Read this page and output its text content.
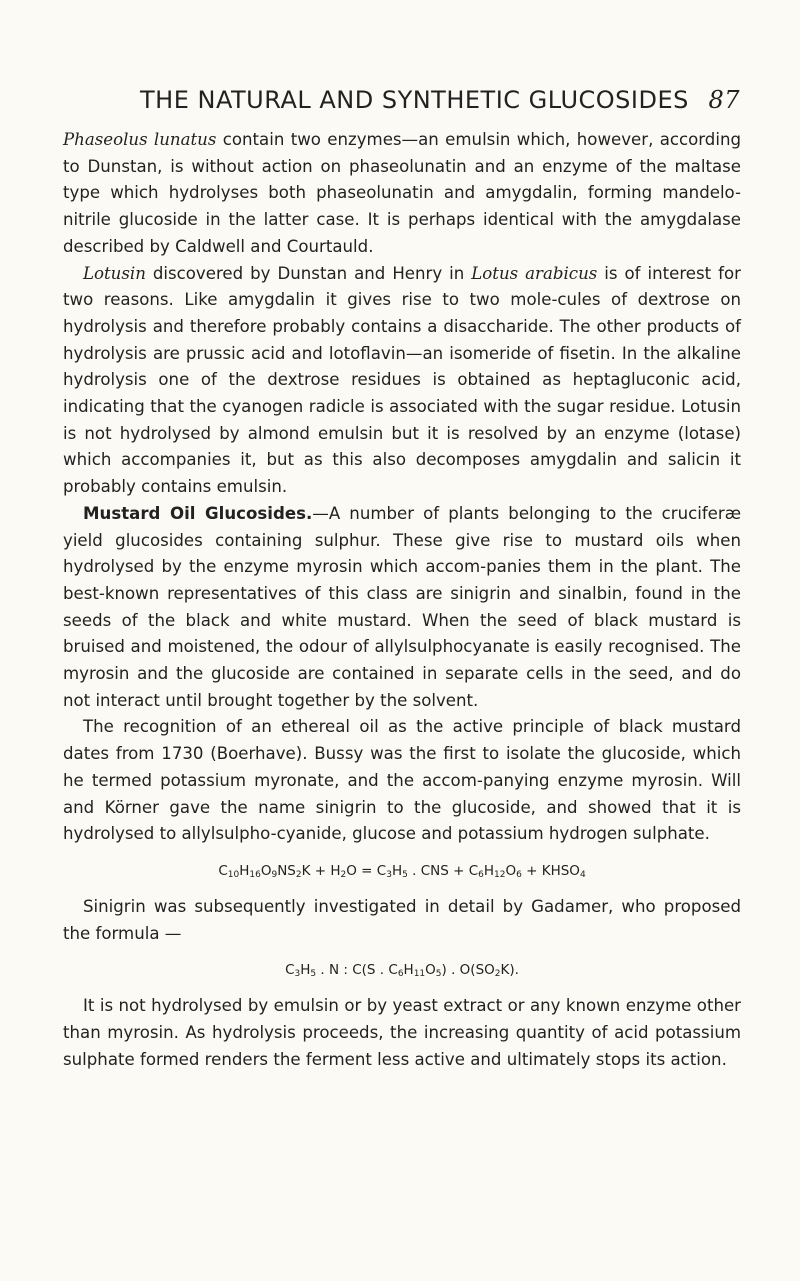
THE NATURAL AND SYNTHETIC GLUCOSIDES 87

Phaseolus lunatus contain two enzymes—an emulsin which, however, according to Dunstan, is without action on phaseolunatin and an enzyme of the maltase type which hydrolyses both phaseolunatin and amygdalin, forming mandelo-nitrile glucoside in the latter case. It is perhaps identical with the amygdalase described by Caldwell and Courtauld.

Lotusin discovered by Dunstan and Henry in Lotus arabicus is of interest for two reasons. Like amygdalin it gives rise to two mole-cules of dextrose on hydrolysis and therefore probably contains a disaccharide. The other products of hydrolysis are prussic acid and lotoflavin—an isomeride of fisetin. In the alkaline hydrolysis one of the dextrose residues is obtained as heptagluconic acid, indicating that the cyanogen radicle is associated with the sugar residue. Lotusin is not hydrolysed by almond emulsin but it is resolved by an enzyme (lotase) which accompanies it, but as this also decomposes amygdalin and salicin it probably contains emulsin.

Mustard Oil Glucosides.—A number of plants belonging to the cruciferæ yield glucosides containing sulphur. These give rise to mustard oils when hydrolysed by the enzyme myrosin which accom-panies them in the plant. The best-known representatives of this class are sinigrin and sinalbin, found in the seeds of the black and white mustard. When the seed of black mustard is bruised and moistened, the odour of allylsulphocyanate is easily recognised. The myrosin and the glucoside are contained in separate cells in the seed, and do not interact until brought together by the solvent.

The recognition of an ethereal oil as the active principle of black mustard dates from 1730 (Boerhave). Bussy was the first to isolate the glucoside, which he termed potassium myronate, and the accom-panying enzyme myrosin. Will and Körner gave the name sinigrin to the glucoside, and showed that it is hydrolysed to allylsulpho-cyanide, glucose and potassium hydrogen sulphate.

$C_{10}H_{16}O_9NS_2K + H_2O = C_3H_5$ . CNS + $C_6H_{12}O_6$ + $KHSO_4$

Sinigrin was subsequently investigated in detail by Gadamer, who proposed the formula —

$C_3H_5$ . N : C(S . $C_6H_{11}O_5$) . $O(SO_2K)$.

It is not hydrolysed by emulsin or by yeast extract or any known enzyme other than myrosin. As hydrolysis proceeds, the increasing quantity of acid potassium sulphate formed renders the ferment less active and ultimately stops its action.
